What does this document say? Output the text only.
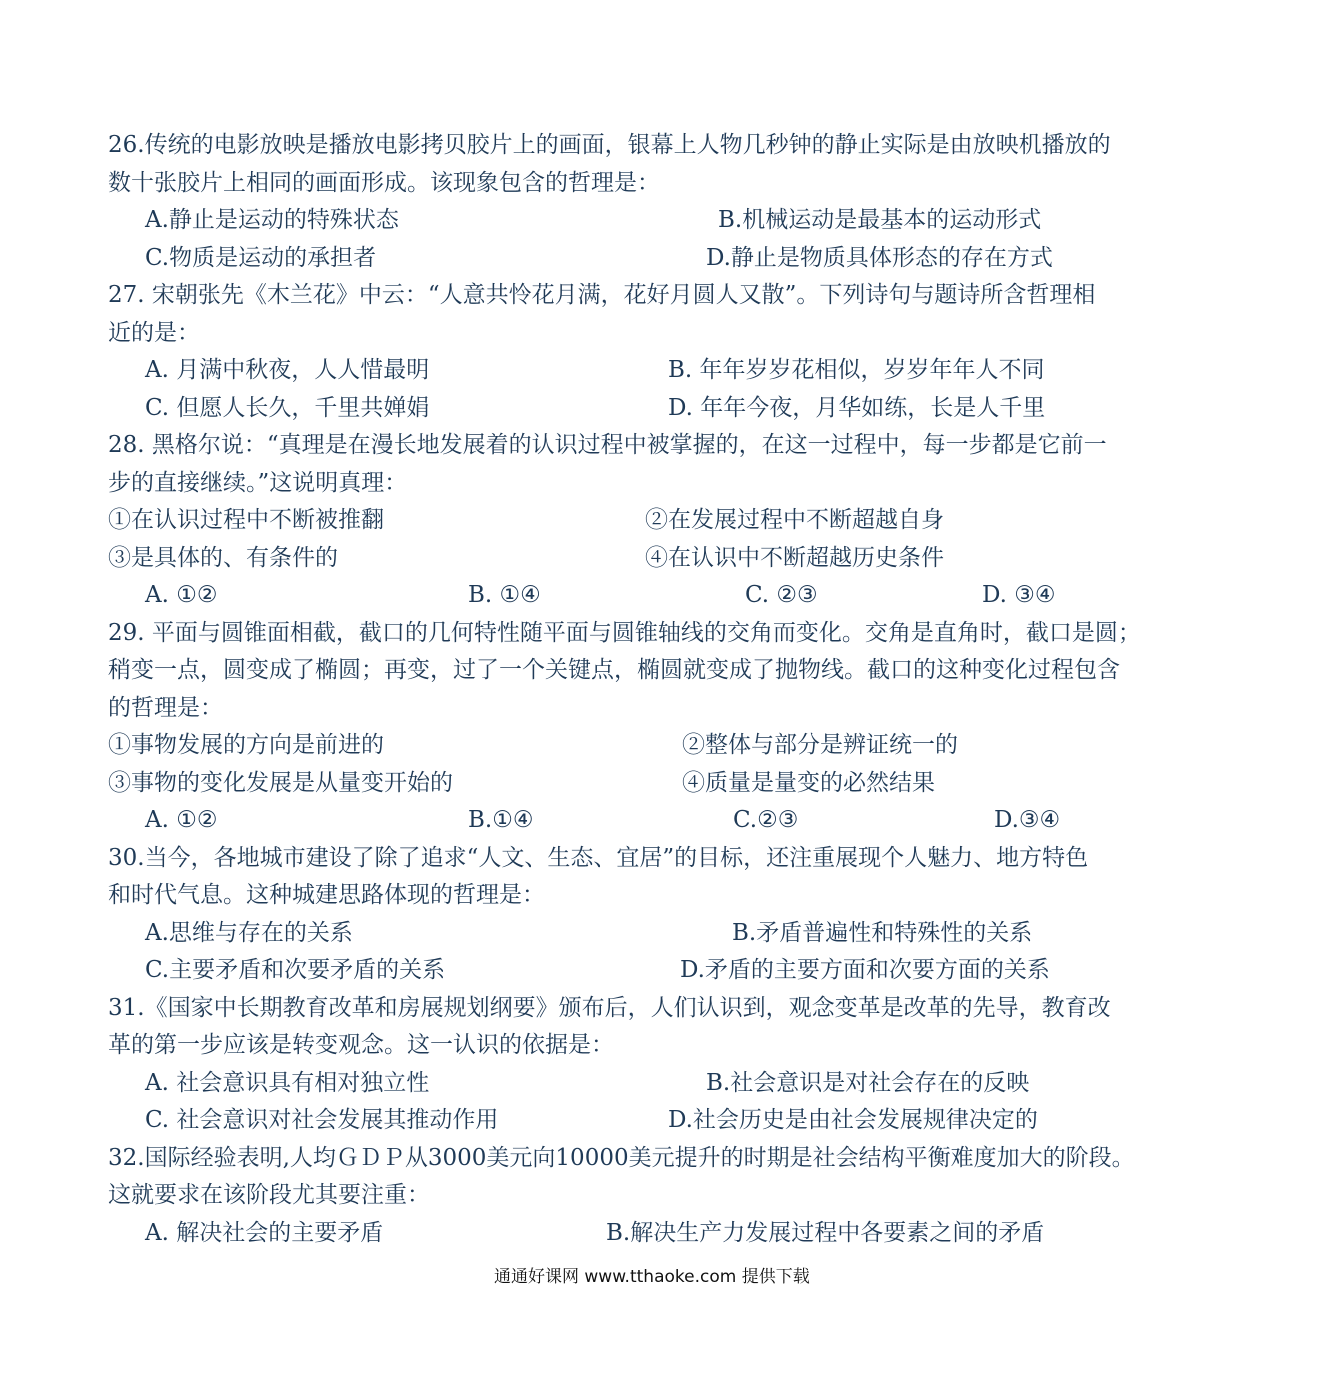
26.传统的电影放映是播放电影拷贝胶片上的画面，银幕上人物几秒钟的静止实际是由放映机播放的
数十张胶片上相同的画面形成。该现象包含的哲理是：
A.静止是运动的特殊状态	B.机械运动是最基本的运动形式
C.物质是运动的承担者	D.静止是物质具体形态的存在方式
27. 宋朝张先《木兰花》中云：“人意共怜花月满，花好月圆人又散”。下列诗句与题诗所含哲理相
近的是：
A. 月满中秋夜，人人惜最明	B. 年年岁岁花相似，岁岁年年人不同
C. 但愿人长久，千里共婵娟	D. 年年今夜，月华如练，长是人千里
28. 黑格尔说：“真理是在漫长地发展着的认识过程中被掌握的，在这一过程中，每一步都是它前一
步的直接继续。”这说明真理：
①在认识过程中不断被推翻	②在发展过程中不断超越自身
③是具体的、有条件的	④在认识中不断超越历史条件
A. ①②	B. ①④	C. ②③	D. ③④
29. 平面与圆锥面相截，截口的几何特性随平面与圆锥轴线的交角而变化。交角是直角时，截口是圆；
稍变一点，圆变成了椭圆；再变，过了一个关键点，椭圆就变成了抛物线。截口的这种变化过程包含
的哲理是：
①事物发展的方向是前进的	②整体与部分是辨证统一的
③事物的变化发展是从量变开始的	④质量是量变的必然结果
A. ①②	B.①④	C.②③	D.③④
30.当今，各地城市建设了除了追求“人文、生态、宜居”的目标，还注重展现个人魅力、地方特色
和时代气息。这种城建思路体现的哲理是：
A.思维与存在的关系	B.矛盾普遍性和特殊性的关系
C.主要矛盾和次要矛盾的关系	D.矛盾的主要方面和次要方面的关系
31.《国家中长期教育改革和房展规划纲要》颁布后，人们认识到，观念变革是改革的先导，教育改
革的第一步应该是转变观念。这一认识的依据是：
A. 社会意识具有相对独立性	B.社会意识是对社会存在的反映
C. 社会意识对社会发展其推动作用	D.社会历史是由社会发展规律决定的
32.国际经验表明,人均ＧＤＰ从3000美元向10000美元提升的时期是社会结构平衡难度加大的阶段。
这就要求在该阶段尤其要注重：
A. 解决社会的主要矛盾	B.解决生产力发展过程中各要素之间的矛盾
通通好课网 www.tthaoke.com 提供下载
